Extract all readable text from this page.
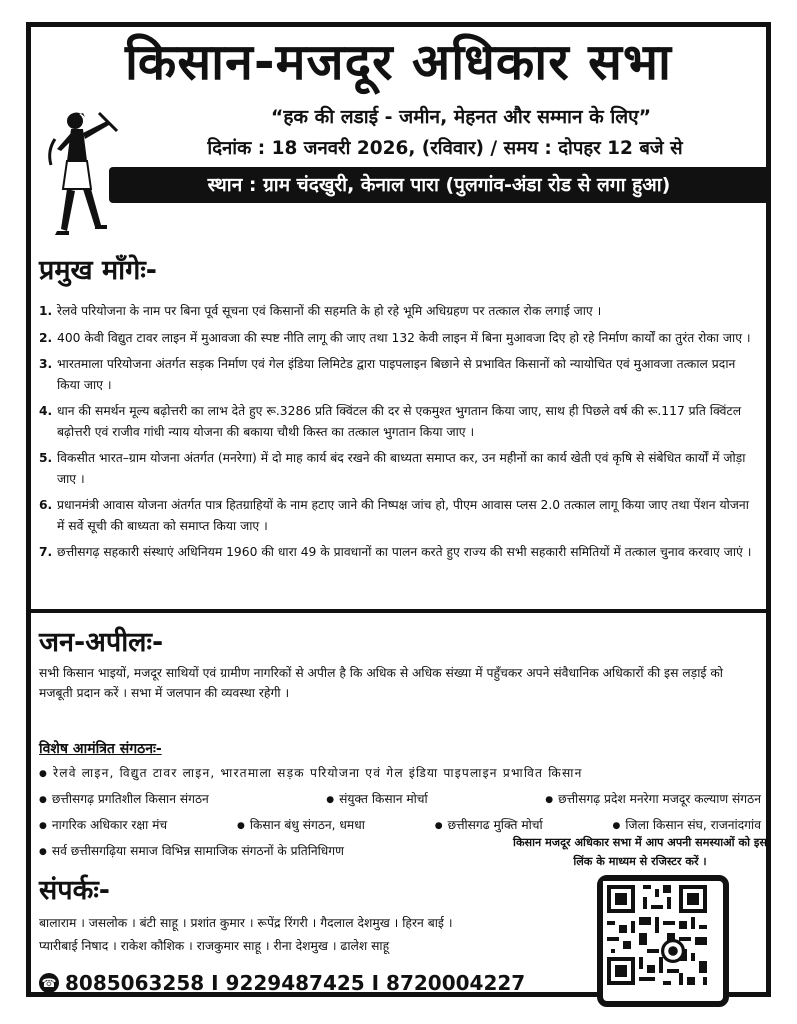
किसान-मजदूर अधिकार सभा
“हक की लडाई - जमीन, मेहनत और सम्मान के लिए”
दिनांक : 18 जनवरी 2026, (रविवार) / समय : दोपहर 12 बजे से
स्थान : ग्राम चंदखुरी, केनाल पारा (पुलगांव-अंडा रोड से लगा हुआ)
प्रमुख माँगेः-
1. रेलवे परियोजना के नाम पर बिना पूर्व सूचना एवं किसानों की सहमति के हो रहे भूमि अधिग्रहण पर तत्काल रोक लगाई जाए ।
2. 400 केवी विद्युत टावर लाइन में मुआवजा की स्पष्ट नीति लागू की जाए तथा 132 केवी लाइन में बिना मुआवजा दिए हो रहे निर्माण कार्यों का तुरंत रोका जाए ।
3. भारतमाला परियोजना अंतर्गत सड़क निर्माण एवं गेल इंडिया लिमिटेड द्वारा पाइपलाइन बिछाने से प्रभावित किसानों को न्यायोचित एवं मुआवजा तत्काल प्रदान किया जाए ।
4. धान की समर्थन मूल्य बढ़ोत्तरी का लाभ देते हुए रू.3286 प्रति क्विंटल की दर से एकमुश्त भुगतान किया जाए, साथ ही पिछले वर्ष की रू.117 प्रति क्विंटल बढ़ोत्तरी एवं राजीव गांधी न्याय योजना की बकाया चौथी किस्त का तत्काल भुगतान किया जाए ।
5. विकसीत भारत–ग्राम योजना अंतर्गत (मनरेगा) में दो माह कार्य बंद रखने की बाध्यता समाप्त कर, उन महीनों का कार्य खेती एवं कृषि से संबेधित कार्यों में जोड़ा जाए ।
6. प्रधानमंत्री आवास योजना अंतर्गत पात्र हितग्राहियों के नाम हटाए जाने की निष्पक्ष जांच हो, पीएम आवास प्लस 2.0 तत्काल लागू किया जाए तथा पेंशन योजना में सर्वे सूची की बाध्यता को समाप्त किया जाए ।
7. छत्तीसगढ़ सहकारी संस्थाएं अधिनियम 1960 की धारा 49 के प्रावधानों का पालन करते हुए राज्य की सभी सहकारी समितियों में तत्काल चुनाव करवाए जाएं ।
जन-अपीलः-
सभी किसान भाइयों, मजदूर साथियों एवं ग्रामीण नागरिकों से अपील है कि अधिक से अधिक संख्या में पहुँचकर अपने संवैधानिक अधिकारों की इस लड़ाई को मजबूती प्रदान करें । सभा में जलपान की व्यवस्था रहेगी ।
विशेष आमंत्रित संगठनः-
● रेलवे लाइन, विद्युत टावर लाइन, भारतमाला सड़क परियोजना एवं गेल इंडिया पाइपलाइन प्रभावित किसान
● छत्तीसगढ़ प्रगतिशील किसान संगठन	● संयुक्त किसान मोर्चा	● छत्तीसगढ़ प्रदेश मनरेगा मजदूर कल्याण संगठन
● नागरिक अधिकार रक्षा मंच	● किसान बंधु संगठन, धमधा	● छत्तीसगढ मुक्ति मोर्चा	● जिला किसान संघ, राजनांदगांव
● सर्व छत्तीसगढ़िया समाज विभिन्न सामाजिक संगठनों के प्रतिनिधिगण
किसान मजदूर अधिकार सभा में आप अपनी समस्याओं को इस लिंक के माध्यम से रजिस्टर करें ।
संपर्कः-
बालाराम । जसलोक । बंटी साहू । प्रशांत कुमार । रूपेंद्र रिंगरी । गैदलाल देशमुख । हिरन बाई ।
प्यारीबाई निषाद । राकेश कौशिक । राजकुमार साहू । रीना देशमुख । ढालेश साहू
☎ 8085063258 I 9229487425 I 8720004227
